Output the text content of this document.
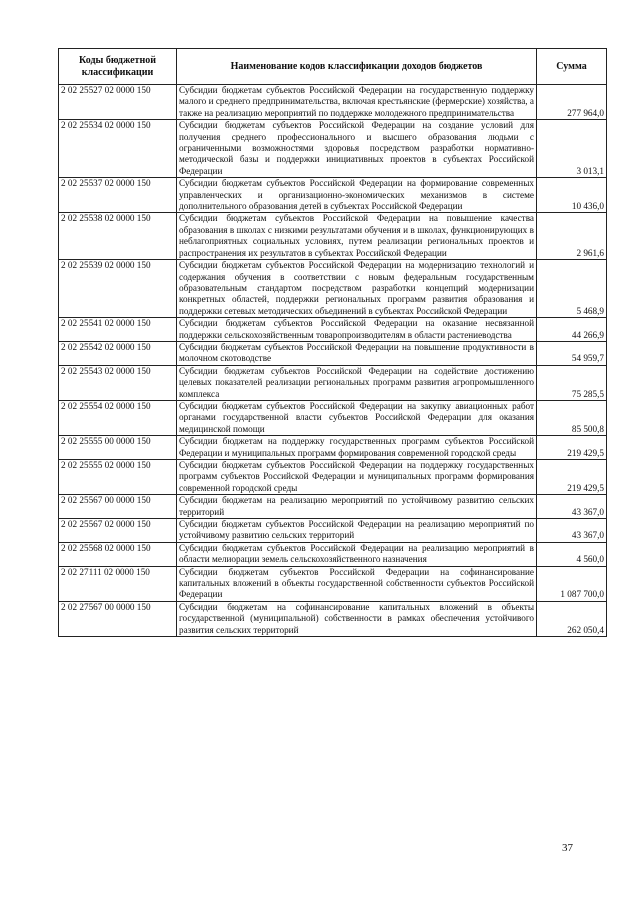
Коды бюджетной классификации	Наименование кодов классификации доходов бюджетов	Сумма
2 02 25527 02 0000 150	Субсидии бюджетам субъектов Российской Федерации на государственную поддержку малого и среднего предпринимательства, включая крестьянские (фермерские) хозяйства, а также на реализацию мероприятий по поддержке молодежного предпринимательства	277 964,0
2 02 25534 02 0000 150	Субсидии бюджетам субъектов Российской Федерации на создание условий для получения среднего профессионального и высшего образования людьми с ограниченными возможностями здоровья посредством разработки нормативно-методической базы и поддержки инициативных проектов в субъектах Российской Федерации	3 013,1
2 02 25537 02 0000 150	Субсидии бюджетам субъектов Российской Федерации на формирование современных управленческих и организационно-экономических механизмов в системе дополнительного образования детей в субъектах Российской Федерации	10 436,0
2 02 25538 02 0000 150	Субсидии бюджетам субъектов Российской Федерации на повышение качества образования в школах с низкими результатами обучения и в школах, функционирующих в неблагоприятных социальных условиях, путем реализации региональных проектов и распространения их результатов в субъектах Российской Федерации	2 961,6
2 02 25539 02 0000 150	Субсидии бюджетам субъектов Российской Федерации на модернизацию технологий и содержания обучения в соответствии с новым федеральным государственным образовательным стандартом посредством разработки концепций модернизации конкретных областей, поддержки региональных программ развития образования и поддержки сетевых методических объединений в субъектах Российской Федерации	5 468,9
2 02 25541 02 0000 150	Субсидии бюджетам субъектов Российской Федерации на оказание несвязанной поддержки сельскохозяйственным товаропроизводителям в области растениеводства	44 266,9
2 02 25542 02 0000 150	Субсидии бюджетам субъектов Российской Федерации на повышение продуктивности в молочном скотоводстве	54 959,7
2 02 25543 02 0000 150	Субсидии бюджетам субъектов Российской Федерации на содействие достижению целевых показателей реализации региональных программ развития агропромышленного комплекса	75 285,5
2 02 25554 02 0000 150	Субсидии бюджетам субъектов Российской Федерации на закупку авиационных работ органами государственной власти субъектов Российской Федерации для оказания медицинской помощи	85 500,8
2 02 25555 00 0000 150	Субсидии бюджетам на поддержку государственных программ субъектов Российской Федерации и муниципальных программ формирования современной городской среды	219 429,5
2 02 25555 02 0000 150	Субсидии бюджетам субъектов Российской Федерации на поддержку государственных программ субъектов Российской Федерации и муниципальных программ формирования современной городской среды	219 429,5
2 02 25567 00 0000 150	Субсидии бюджетам на реализацию мероприятий по устойчивому развитию сельских территорий	43 367,0
2 02 25567 02 0000 150	Субсидии бюджетам субъектов Российской Федерации на реализацию мероприятий по устойчивому развитию сельских территорий	43 367,0
2 02 25568 02 0000 150	Субсидии бюджетам субъектов Российской Федерации на реализацию мероприятий в области мелиорации земель сельскохозяйственного назначения	4 560,0
2 02 27111 02 0000 150	Субсидии бюджетам субъектов Российской Федерации на софинансирование капитальных вложений в объекты государственной собственности субъектов Российской Федерации	1 087 700,0
2 02 27567 00 0000 150	Субсидии бюджетам на софинансирование капитальных вложений в объекты государственной (муниципальной) собственности в рамках обеспечения устойчивого развития сельских территорий	262 050,4
37
